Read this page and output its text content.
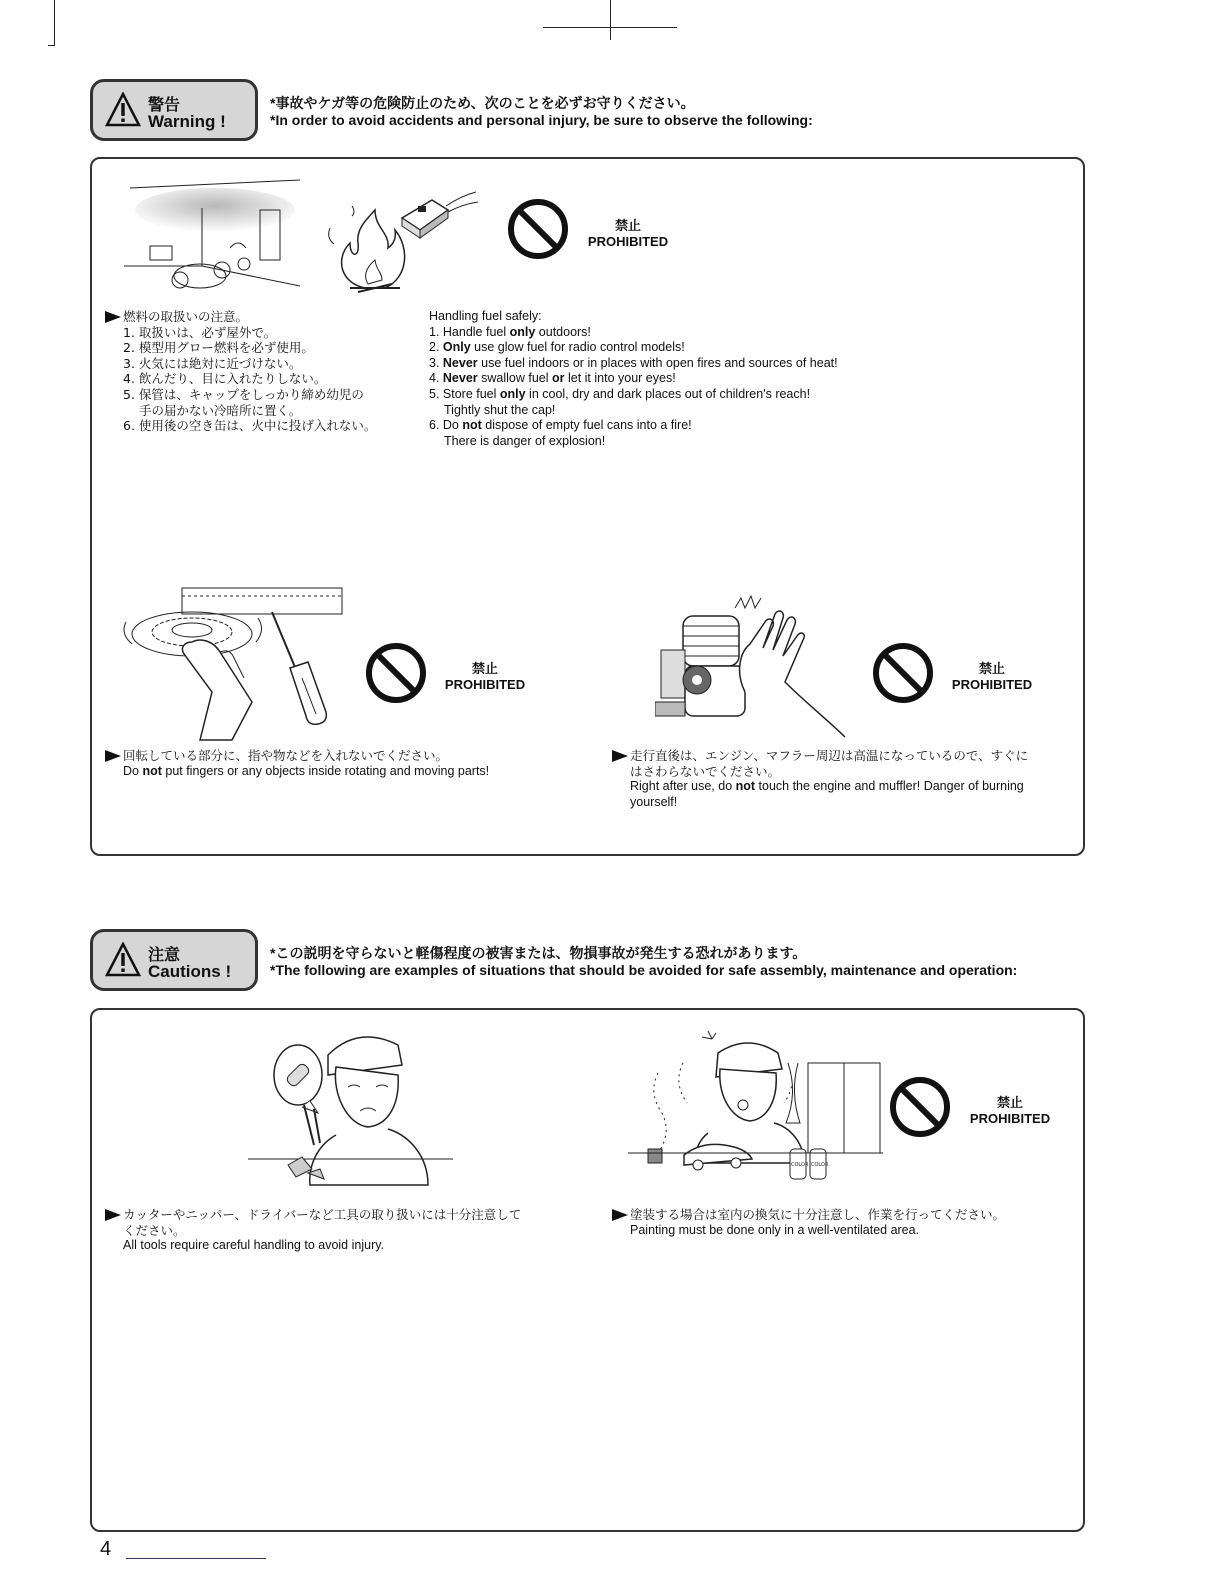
警告
Warning !
*事故やケガ等の危険防止のため、次のことを必ずお守りください。
*In order to avoid accidents and personal injury, be sure to observe the following:
禁止
PROHIBITED
燃料の取扱いの注意。
1. 取扱いは、必ず屋外で。
2. 模型用グロー燃料を必ず使用。
3. 火気には絶対に近づけない。
4. 飲んだり、目に入れたりしない。
5. 保管は、キャップをしっかり締め幼児の
手の届かない冷暗所に置く。
6. 使用後の空き缶は、火中に投げ入れない。
Handling fuel safely:
1. Handle fuel only outdoors!
2. Only use glow fuel for radio control models!
3. Never use fuel indoors or in places with open fires and sources of heat!
4. Never swallow fuel or let it into your eyes!
5. Store fuel only in cool, dry and dark places out of children's reach!
Tightly shut the cap!
6. Do not dispose of empty fuel cans into a fire!
There is danger of explosion!
禁止
PROHIBITED
禁止
PROHIBITED
回転している部分に、指や物などを入れないでください。
Do not put fingers or any objects inside rotating and moving parts!
走行直後は、エンジン、マフラー周辺は高温になっているので、すぐに
はさわらないでください。
Right after use, do not touch the engine and muffler! Danger of burning
yourself!
注意
Cautions !
*この説明を守らないと軽傷程度の被害または、物損事故が発生する恐れがあります。
*The following are examples of situations that should be avoided for safe assembly, maintenance and operation:
COLOR COLOR
禁止
PROHIBITED
カッターやニッパー、ドライバーなど工具の取り扱いには十分注意して
ください。
All tools require careful handling to avoid injury.
塗装する場合は室内の換気に十分注意し、作業を行ってください。
Painting must be done only in a well-ventilated area.
4
